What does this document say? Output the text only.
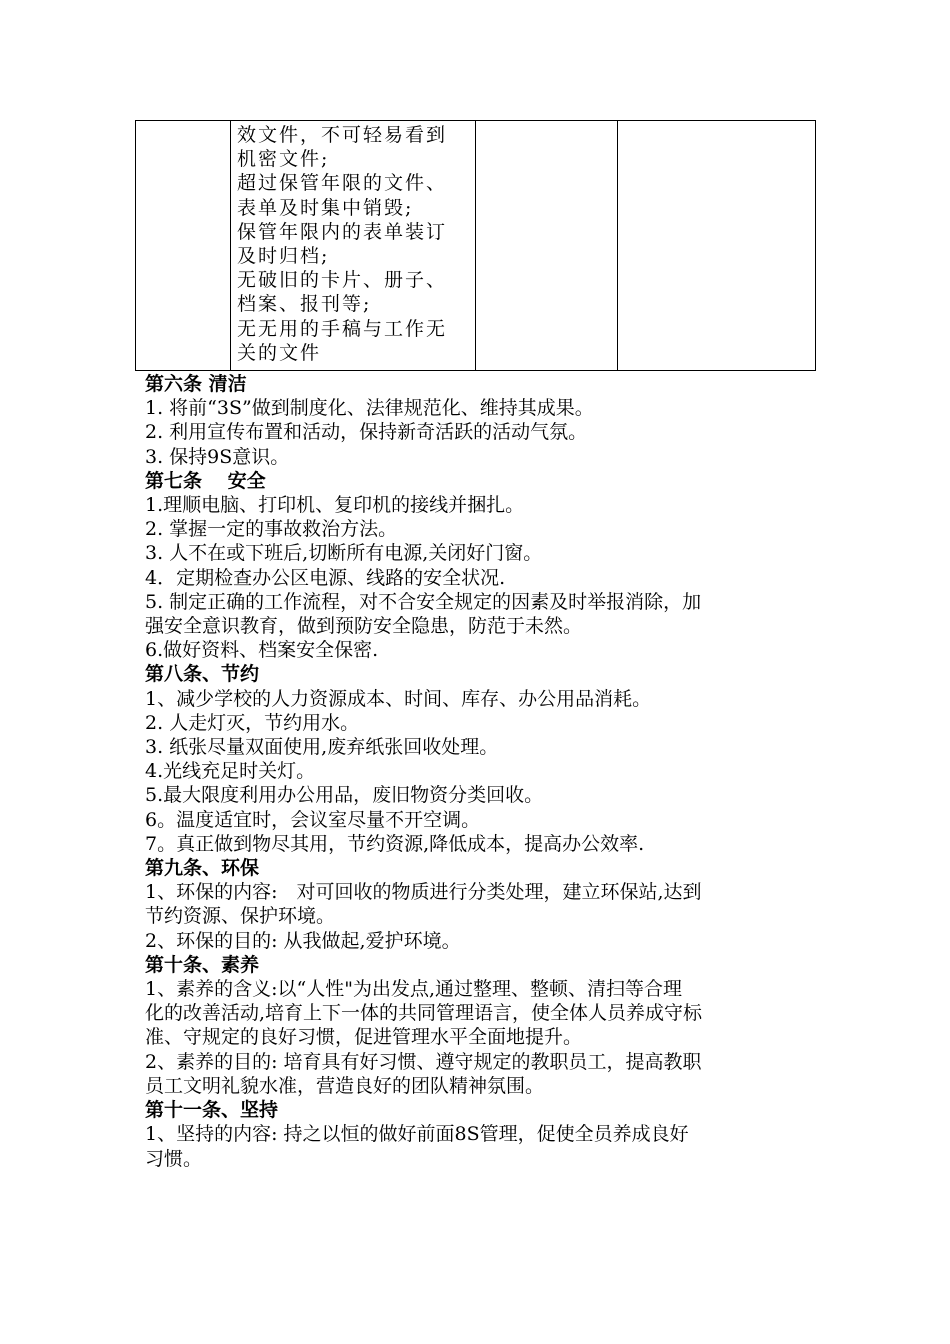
效文件，不可轻易看到
机密文件;
超过保管年限的文件、
表单及时集中销毁;
保管年限内的表单装订
及时归档;
无破旧的卡片、册子、
档案、报刊等;
无无用的手稿与工作无
关的文件
第六条 清洁
1. 将前“3S”做到制度化、法律规范化、维持其成果。
2. 利用宣传布置和活动，保持新奇活跃的活动气氛。
3. 保持9S意识。
第七条　 安全
1.理顺电脑、打印机、复印机的接线并捆扎。
2. 掌握一定的事故救治方法。
3. 人不在或下班后,切断所有电源,关闭好门窗。
4．定期检查办公区电源、线路的安全状况.
5. 制定正确的工作流程，对不合安全规定的因素及时举报消除，加
强安全意识教育，做到预防安全隐患，防范于未然。
6.做好资料、档案安全保密.
第八条、节约
1、减少学校的人力资源成本、时间、库存、办公用品消耗。
2. 人走灯灭，节约用水。
3. 纸张尽量双面使用,废弃纸张回收处理。
4.光线充足时关灯。
5.最大限度利用办公用品，废旧物资分类回收。
6。温度适宜时，会议室尽量不开空调。
7。真正做到物尽其用，节约资源,降低成本，提高办公效率.
第九条、环保
1、环保的内容:　对可回收的物质进行分类处理，建立环保站,达到
节约资源、保护环境。
2、环保的目的: 从我做起,爱护环境。
第十条、素养
1、素养的含义:以“人性"为出发点,通过整理、整顿、清扫等合理
化的改善活动,培育上下一体的共同管理语言，使全体人员养成守标
准、守规定的良好习惯，促进管理水平全面地提升。
2、素养的目的: 培育具有好习惯、遵守规定的教职员工，提高教职
员工文明礼貌水准，营造良好的团队精神氛围。
第十一条、坚持
1、坚持的内容: 持之以恒的做好前面8S管理，促使全员养成良好
习惯。
